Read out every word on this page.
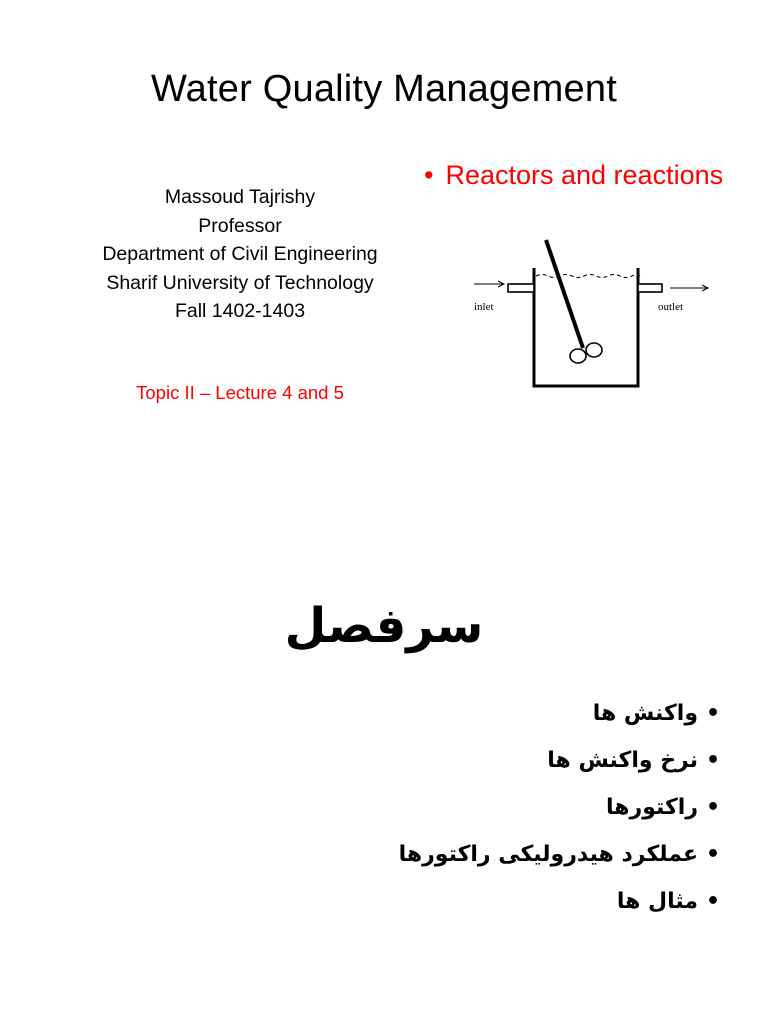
Water Quality Management
Massoud Tajrishy
Professor
Department of Civil Engineering
Sharif University of Technology
Fall 1402-1403
Topic II – Lecture 4 and 5
• Reactors and reactions
inlet	outlet
سرفصل
•واکنش ها
•نرخ واکنش ها
•راکتورها
•عملکرد هیدرولیکی راکتورها
•مثال ها
